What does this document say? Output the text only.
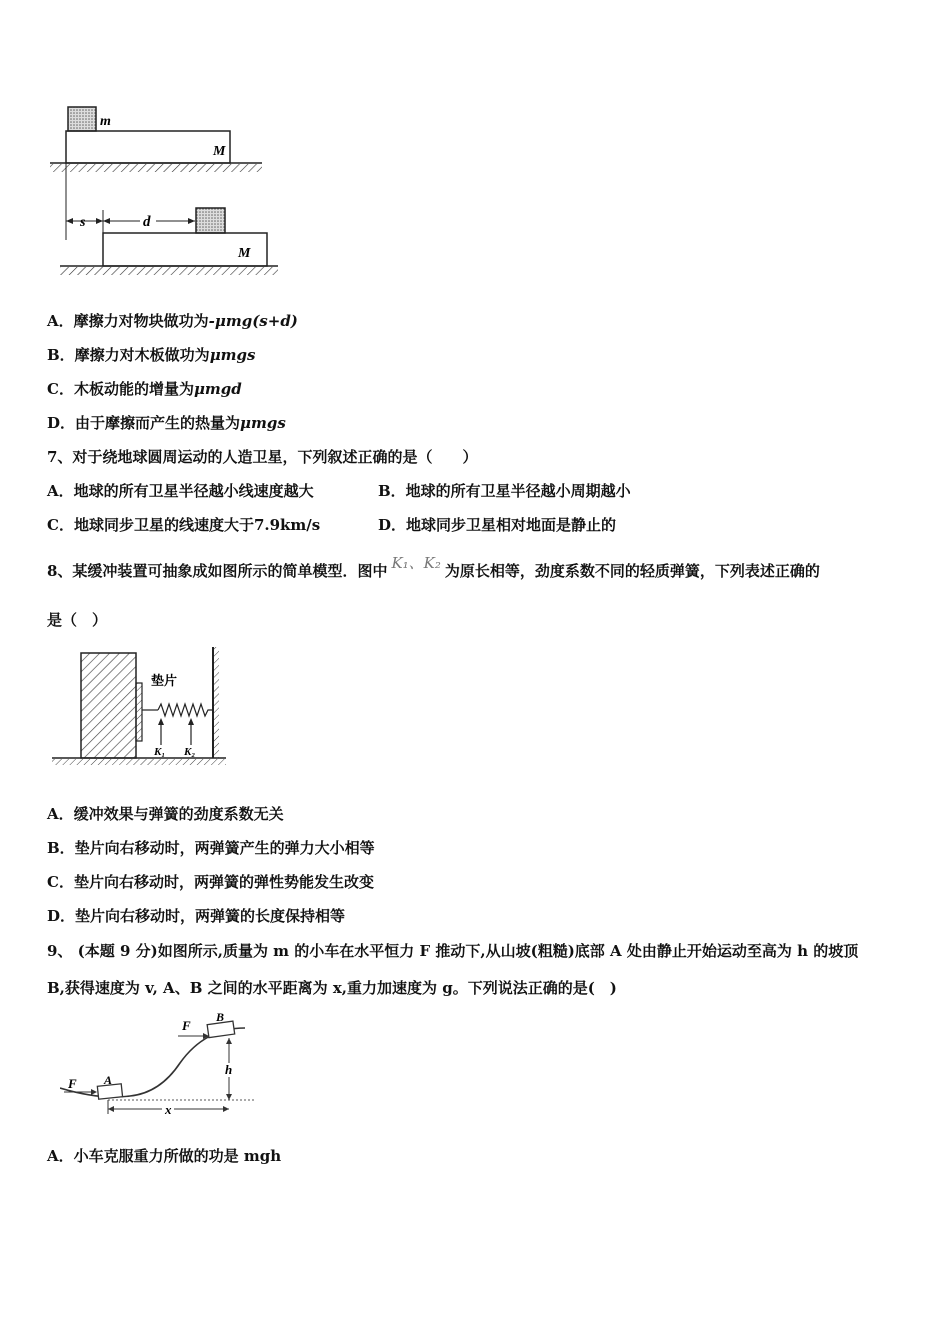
m
M
s	d
M
A．摩擦力对物块做功为-μmg(s+d)
B．摩擦力对木板做功为μmgs
C．木板动能的增量为μmgd
D．由于摩擦而产生的热量为μmgs
7、对于绕地球圆周运动的人造卫星，下列叙述正确的是（　　）
A．地球的所有卫星半径越小线速度越大	B．地球的所有卫星半径越小周期越小
C．地球同步卫星的线速度大于7.9km/s	D．地球同步卫星相对地面是静止的
8、某缓冲装置可抽象成如图所示的简单模型．图中 K₁、K₂ 为原长相等，劲度系数不同的轻质弹簧，下列表述正确的
是（　）
垫片
K₁ K₂
A．缓冲效果与弹簧的劲度系数无关
B．垫片向右移动时，两弹簧产生的弹力大小相等
C．垫片向右移动时，两弹簧的弹性势能发生改变
D．垫片向右移动时，两弹簧的长度保持相等
9、 (本题 9 分)如图所示,质量为 m 的小车在水平恒力 F 推动下,从山坡(粗糙)底部 A 处由静止开始运动至高为 h 的坡顶
B,获得速度为 v, A、B 之间的水平距离为 x,重力加速度为 g。下列说法正确的是(　)
F
F
A
B
h
x
A．小车克服重力所做的功是 mgh
